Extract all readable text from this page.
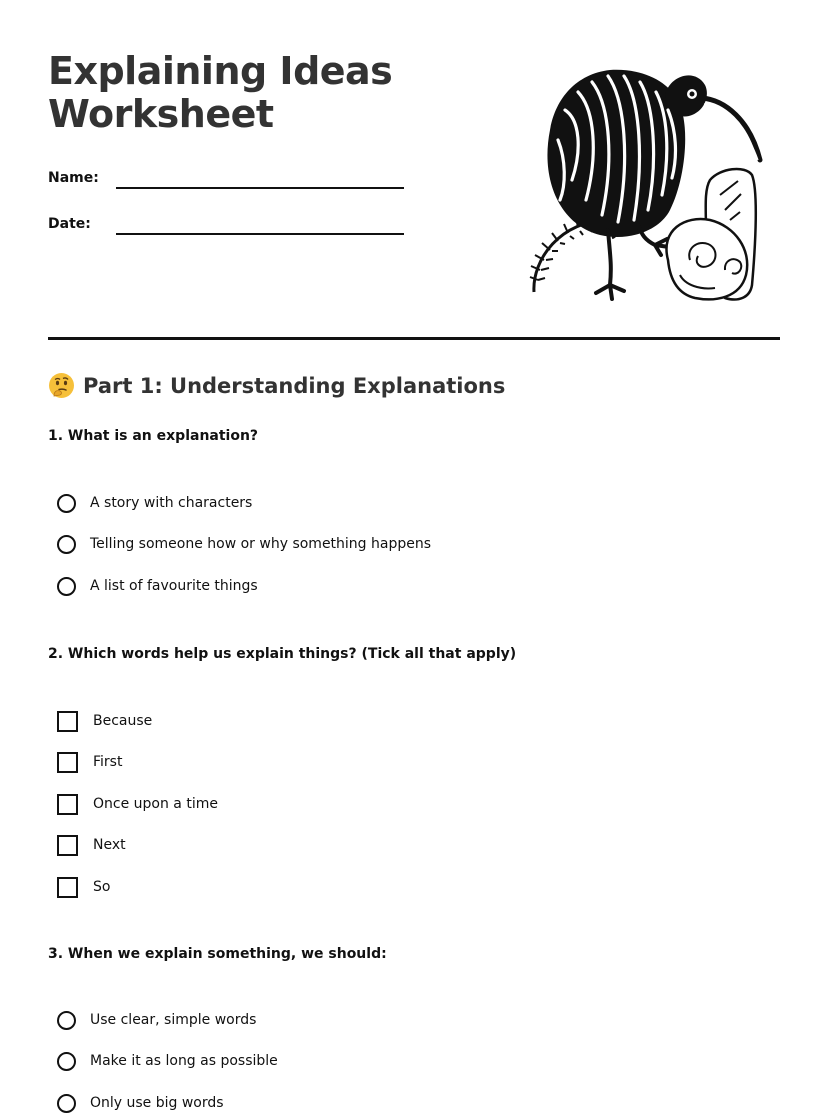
Explaining Ideas
Worksheet
Name:
Date:
Part 1: Understanding Explanations
1. What is an explanation?
A story with characters
Telling someone how or why something happens
A list of favourite things
2. Which words help us explain things? (Tick all that apply)
Because
First
Once upon a time
Next
So
3. When we explain something, we should:
Use clear, simple words
Make it as long as possible
Only use big words
